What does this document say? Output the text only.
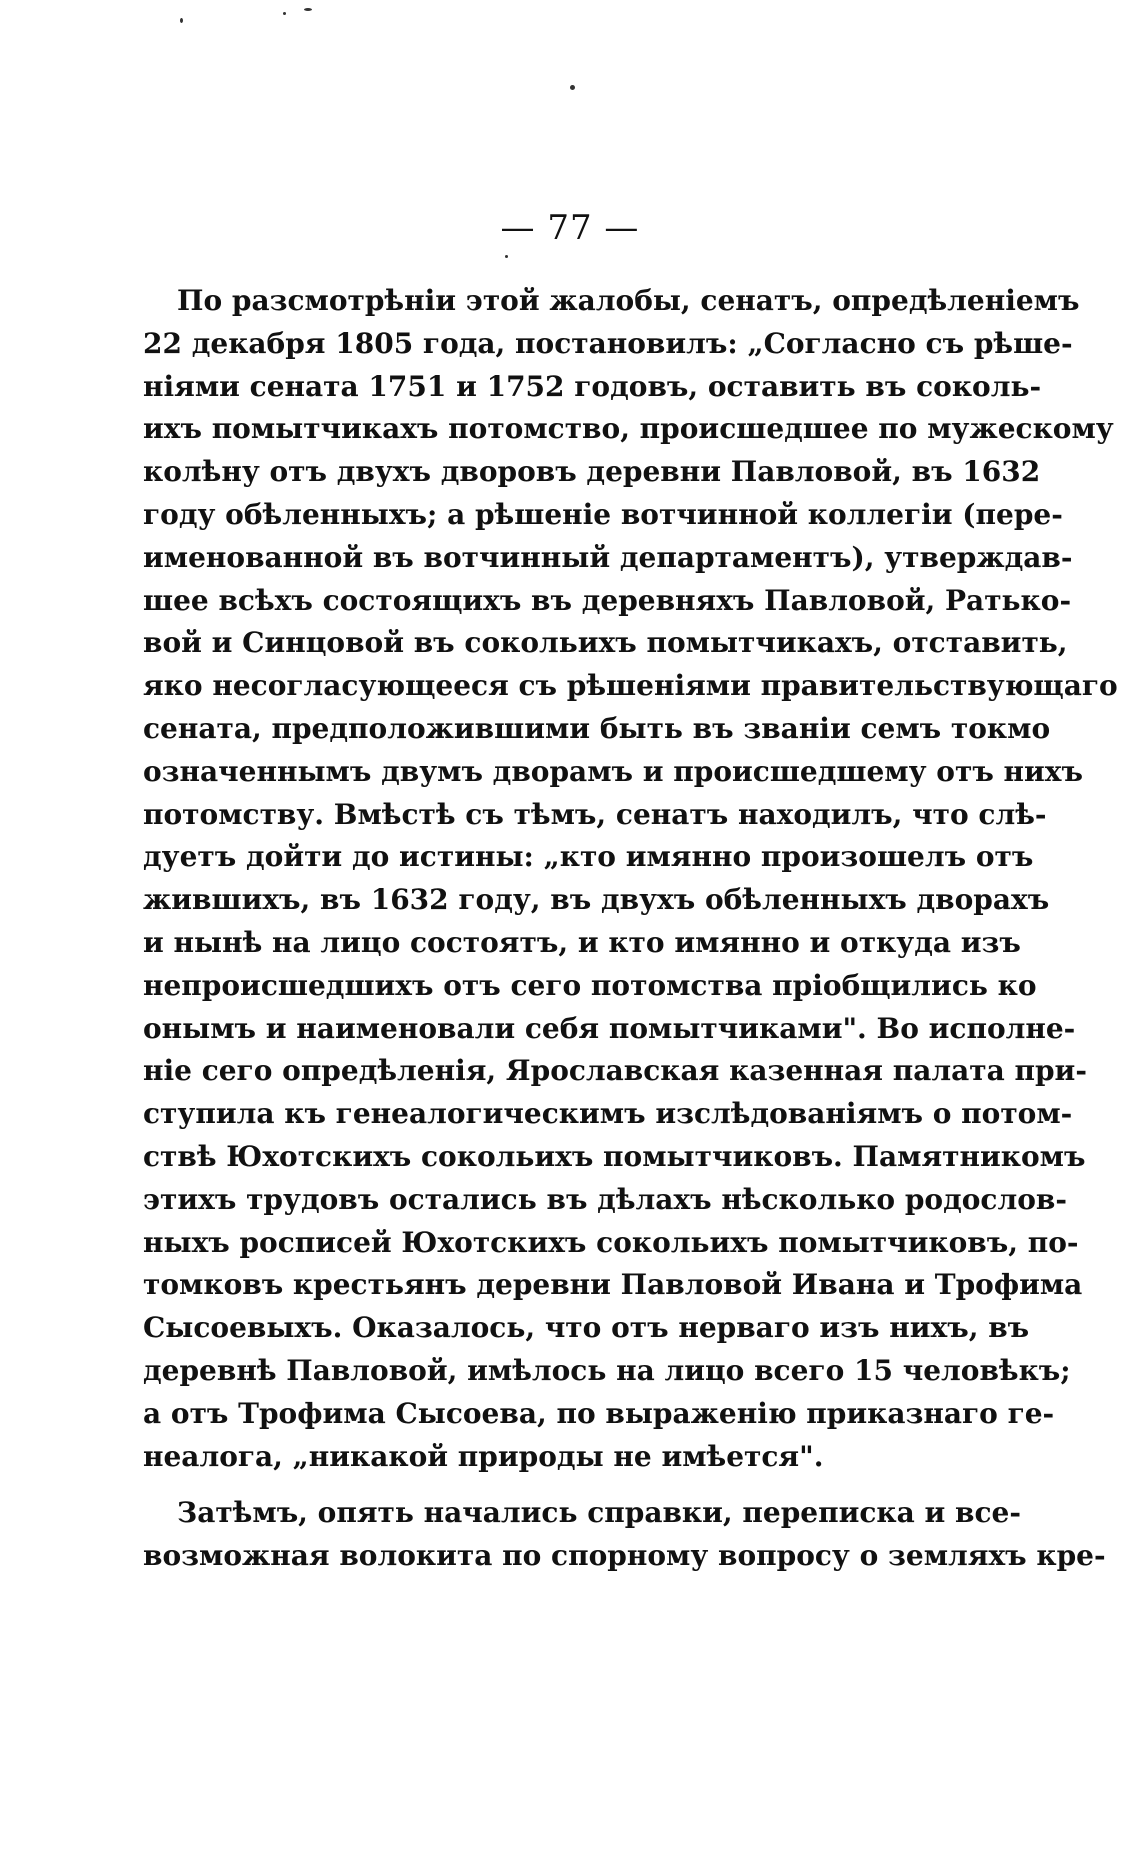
— 77 —
По разсмотрѣніи этой жалобы, сенатъ, опредѣленіемъ
22 декабря 1805 года, постановилъ: „Согласно съ рѣше-
ніями сената 1751 и 1752 годовъ, оставить въ соколь-
ихъ помытчикахъ потомство, происшедшее по мужескому
колѣну отъ двухъ дворовъ деревни Павловой, въ 1632
году обѣленныхъ; а рѣшеніе вотчинной коллегіи (пере-
именованной въ вотчинный департаментъ), утверждав-
шее всѣхъ состоящихъ въ деревняхъ Павловой, Ратько-
вой и Синцовой въ сокольихъ помытчикахъ, отставить,
яко несогласующееся съ рѣшеніями правительствующаго
сената, предположившими быть въ званіи семъ токмо
означеннымъ двумъ дворамъ и происшедшему отъ нихъ
потомству. Вмѣстѣ съ тѣмъ, сенатъ находилъ, что слѣ-
дуетъ дойти до истины: „кто имянно произошелъ отъ
жившихъ, въ 1632 году, въ двухъ обѣленныхъ дворахъ
и нынѣ на лицо состоятъ, и кто имянно и откуда изъ
непроисшедшихъ отъ сего потомства пріобщились ко
онымъ и наименовали себя помытчиками". Во исполне-
ніе сего опредѣленія, Ярославская казенная палата при-
ступила къ генеалогическимъ изслѣдованіямъ о потом-
ствѣ Юхотскихъ сокольихъ помытчиковъ. Памятникомъ
этихъ трудовъ остались въ дѣлахъ нѣсколько родослов-
ныхъ росписей Юхотскихъ сокольихъ помытчиковъ, по-
томковъ крестьянъ деревни Павловой Ивана и Трофима
Сысоевыхъ. Оказалось, что отъ нерваго изъ нихъ, въ
деревнѣ Павловой, имѣлось на лицо всего 15 человѣкъ;
а отъ Трофима Сысоева, по выраженію приказнаго ге-
неалога, „никакой природы не имѣется".
Затѣмъ, опять начались справки, переписка и все-
возможная волокита по спорному вопросу о земляхъ кре-
